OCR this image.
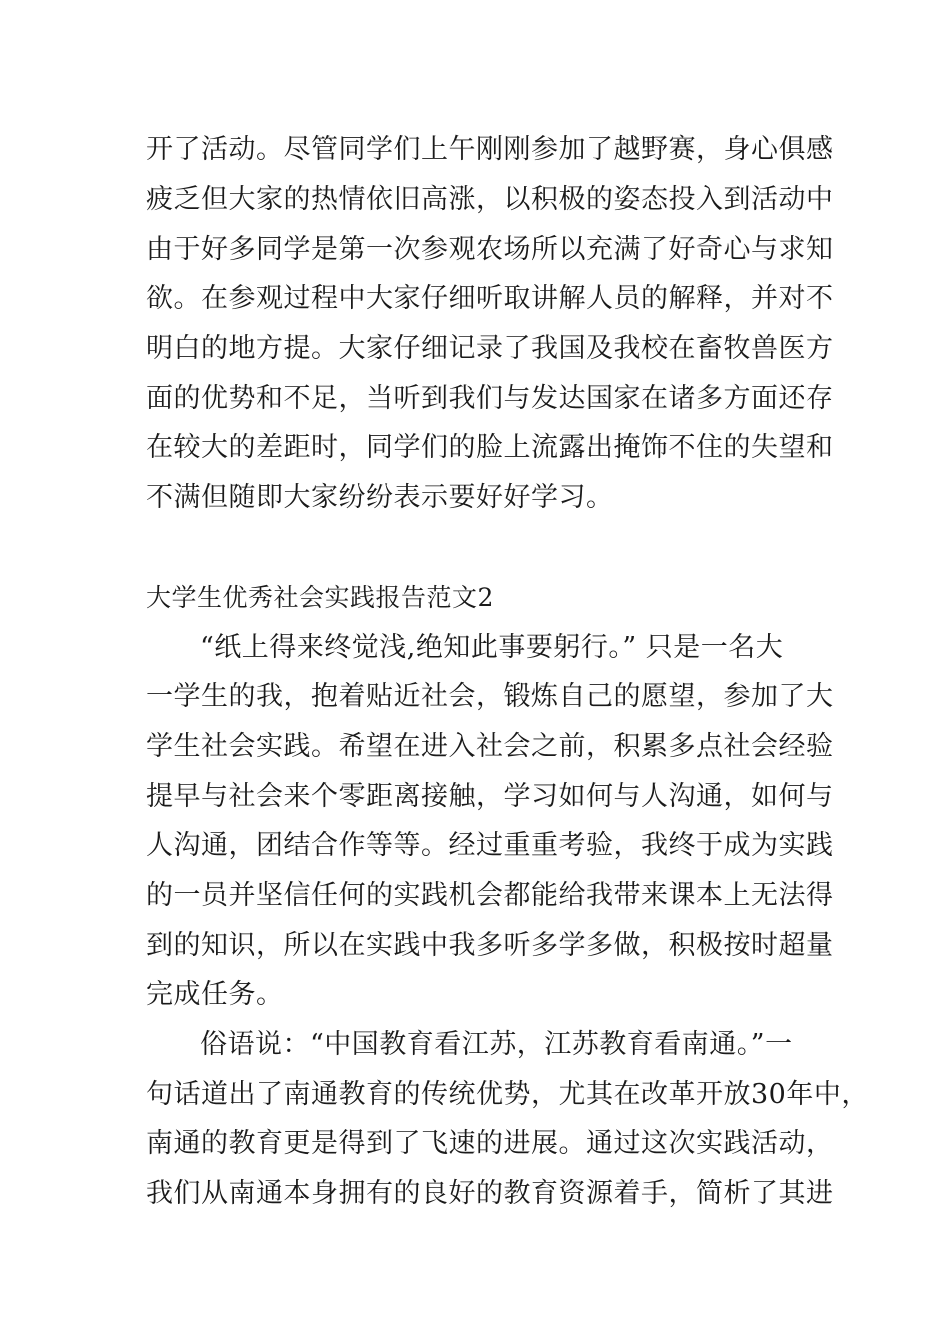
开了活动。尽管同学们上午刚刚参加了越野赛，身心俱感
疲乏但大家的热情依旧高涨，以积极的姿态投入到活动中
由于好多同学是第一次参观农场所以充满了好奇心与求知
欲。在参观过程中大家仔细听取讲解人员的解释，并对不
明白的地方提。大家仔细记录了我国及我校在畜牧兽医方
面的优势和不足，当听到我们与发达国家在诸多方面还存
在较大的差距时，同学们的脸上流露出掩饰不住的失望和
不满但随即大家纷纷表示要好好学习。
大学生优秀社会实践报告范文2
“纸上得来终觉浅,绝知此事要躬行。” 只是一名大
一学生的我，抱着贴近社会，锻炼自己的愿望，参加了大
学生社会实践。希望在进入社会之前，积累多点社会经验
提早与社会来个零距离接触，学习如何与人沟通，如何与
人沟通，团结合作等等。经过重重考验，我终于成为实践
的一员并坚信任何的实践机会都能给我带来课本上无法得
到的知识，所以在实践中我多听多学多做，积极按时超量
完成任务。
俗语说：“中国教育看江苏，江苏教育看南通。”一
句话道出了南通教育的传统优势，尤其在改革开放30年中，
南通的教育更是得到了飞速的进展。通过这次实践活动，
我们从南通本身拥有的良好的教育资源着手，简析了其进
